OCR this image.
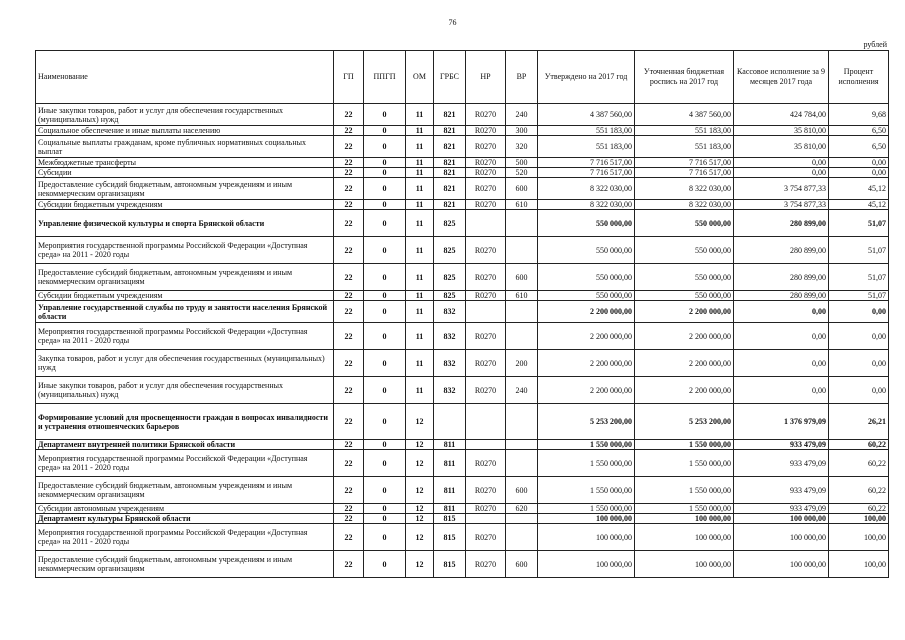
76
рублей
Наименование	ГП	ППГП	ОМ	ГРБС	НР	ВР	Утверждено на 2017 год	Уточненная бюджетная роспись на 2017 год	Кассовое исполнение за 9 месяцев 2017 года	Процент исполнения
Иные закупки товаров, работ и услуг для обеспечения государственных (муниципальных) нужд	22	0	11	821	R0270	240	4 387 560,00	4 387 560,00	424 784,00	9,68
Социальное обеспечение и иные выплаты населению	22	0	11	821	R0270	300	551 183,00	551 183,00	35 810,00	6,50
Социальные выплаты гражданам, кроме публичных нормативных социальных выплат	22	0	11	821	R0270	320	551 183,00	551 183,00	35 810,00	6,50
Межбюджетные трансферты	22	0	11	821	R0270	500	7 716 517,00	7 716 517,00	0,00	0,00
Субсидии	22	0	11	821	R0270	520	7 716 517,00	7 716 517,00	0,00	0,00
Предоставление субсидий бюджетным, автономным учреждениям и иным некоммерческим организациям	22	0	11	821	R0270	600	8 322 030,00	8 322 030,00	3 754 877,33	45,12
Субсидии бюджетным учреждениям	22	0	11	821	R0270	610	8 322 030,00	8 322 030,00	3 754 877,33	45,12
Управление физической культуры и спорта Брянской области	22	0	11	825			550 000,00	550 000,00	280 899,00	51,07
Мероприятия государственной программы Российской Федерации «Доступная среда» на 2011 - 2020 годы	22	0	11	825	R0270		550 000,00	550 000,00	280 899,00	51,07
Предоставление субсидий бюджетным, автономным учреждениям и иным некоммерческим организациям	22	0	11	825	R0270	600	550 000,00	550 000,00	280 899,00	51,07
Субсидии бюджетным учреждениям	22	0	11	825	R0270	610	550 000,00	550 000,00	280 899,00	51,07
Управление государственной службы по труду и занятости населения Брянской области	22	0	11	832			2 200 000,00	2 200 000,00	0,00	0,00
Мероприятия государственной программы Российской Федерации «Доступная среда» на 2011 - 2020 годы	22	0	11	832	R0270		2 200 000,00	2 200 000,00	0,00	0,00
Закупка товаров, работ и услуг для обеспечения государственных (муниципальных) нужд	22	0	11	832	R0270	200	2 200 000,00	2 200 000,00	0,00	0,00
Иные закупки товаров, работ и услуг для обеспечения государственных (муниципальных) нужд	22	0	11	832	R0270	240	2 200 000,00	2 200 000,00	0,00	0,00
Формирование условий для просвещенности граждан в вопросах инвалидности и устранения отношенческих барьеров	22	0	12				5 253 200,00	5 253 200,00	1 376 979,09	26,21
Департамент внутренней политики Брянской области	22	0	12	811			1 550 000,00	1 550 000,00	933 479,09	60,22
Мероприятия государственной программы Российской Федерации «Доступная среда» на 2011 - 2020 годы	22	0	12	811	R0270		1 550 000,00	1 550 000,00	933 479,09	60,22
Предоставление субсидий бюджетным, автономным учреждениям и иным некоммерческим организациям	22	0	12	811	R0270	600	1 550 000,00	1 550 000,00	933 479,09	60,22
Субсидии автономным учреждениям	22	0	12	811	R0270	620	1 550 000,00	1 550 000,00	933 479,09	60,22
Департамент культуры Брянской области	22	0	12	815			100 000,00	100 000,00	100 000,00	100,00
Мероприятия государственной программы Российской Федерации «Доступная среда» на 2011 - 2020 годы	22	0	12	815	R0270		100 000,00	100 000,00	100 000,00	100,00
Предоставление субсидий бюджетным, автономным учреждениям и иным некоммерческим организациям	22	0	12	815	R0270	600	100 000,00	100 000,00	100 000,00	100,00
